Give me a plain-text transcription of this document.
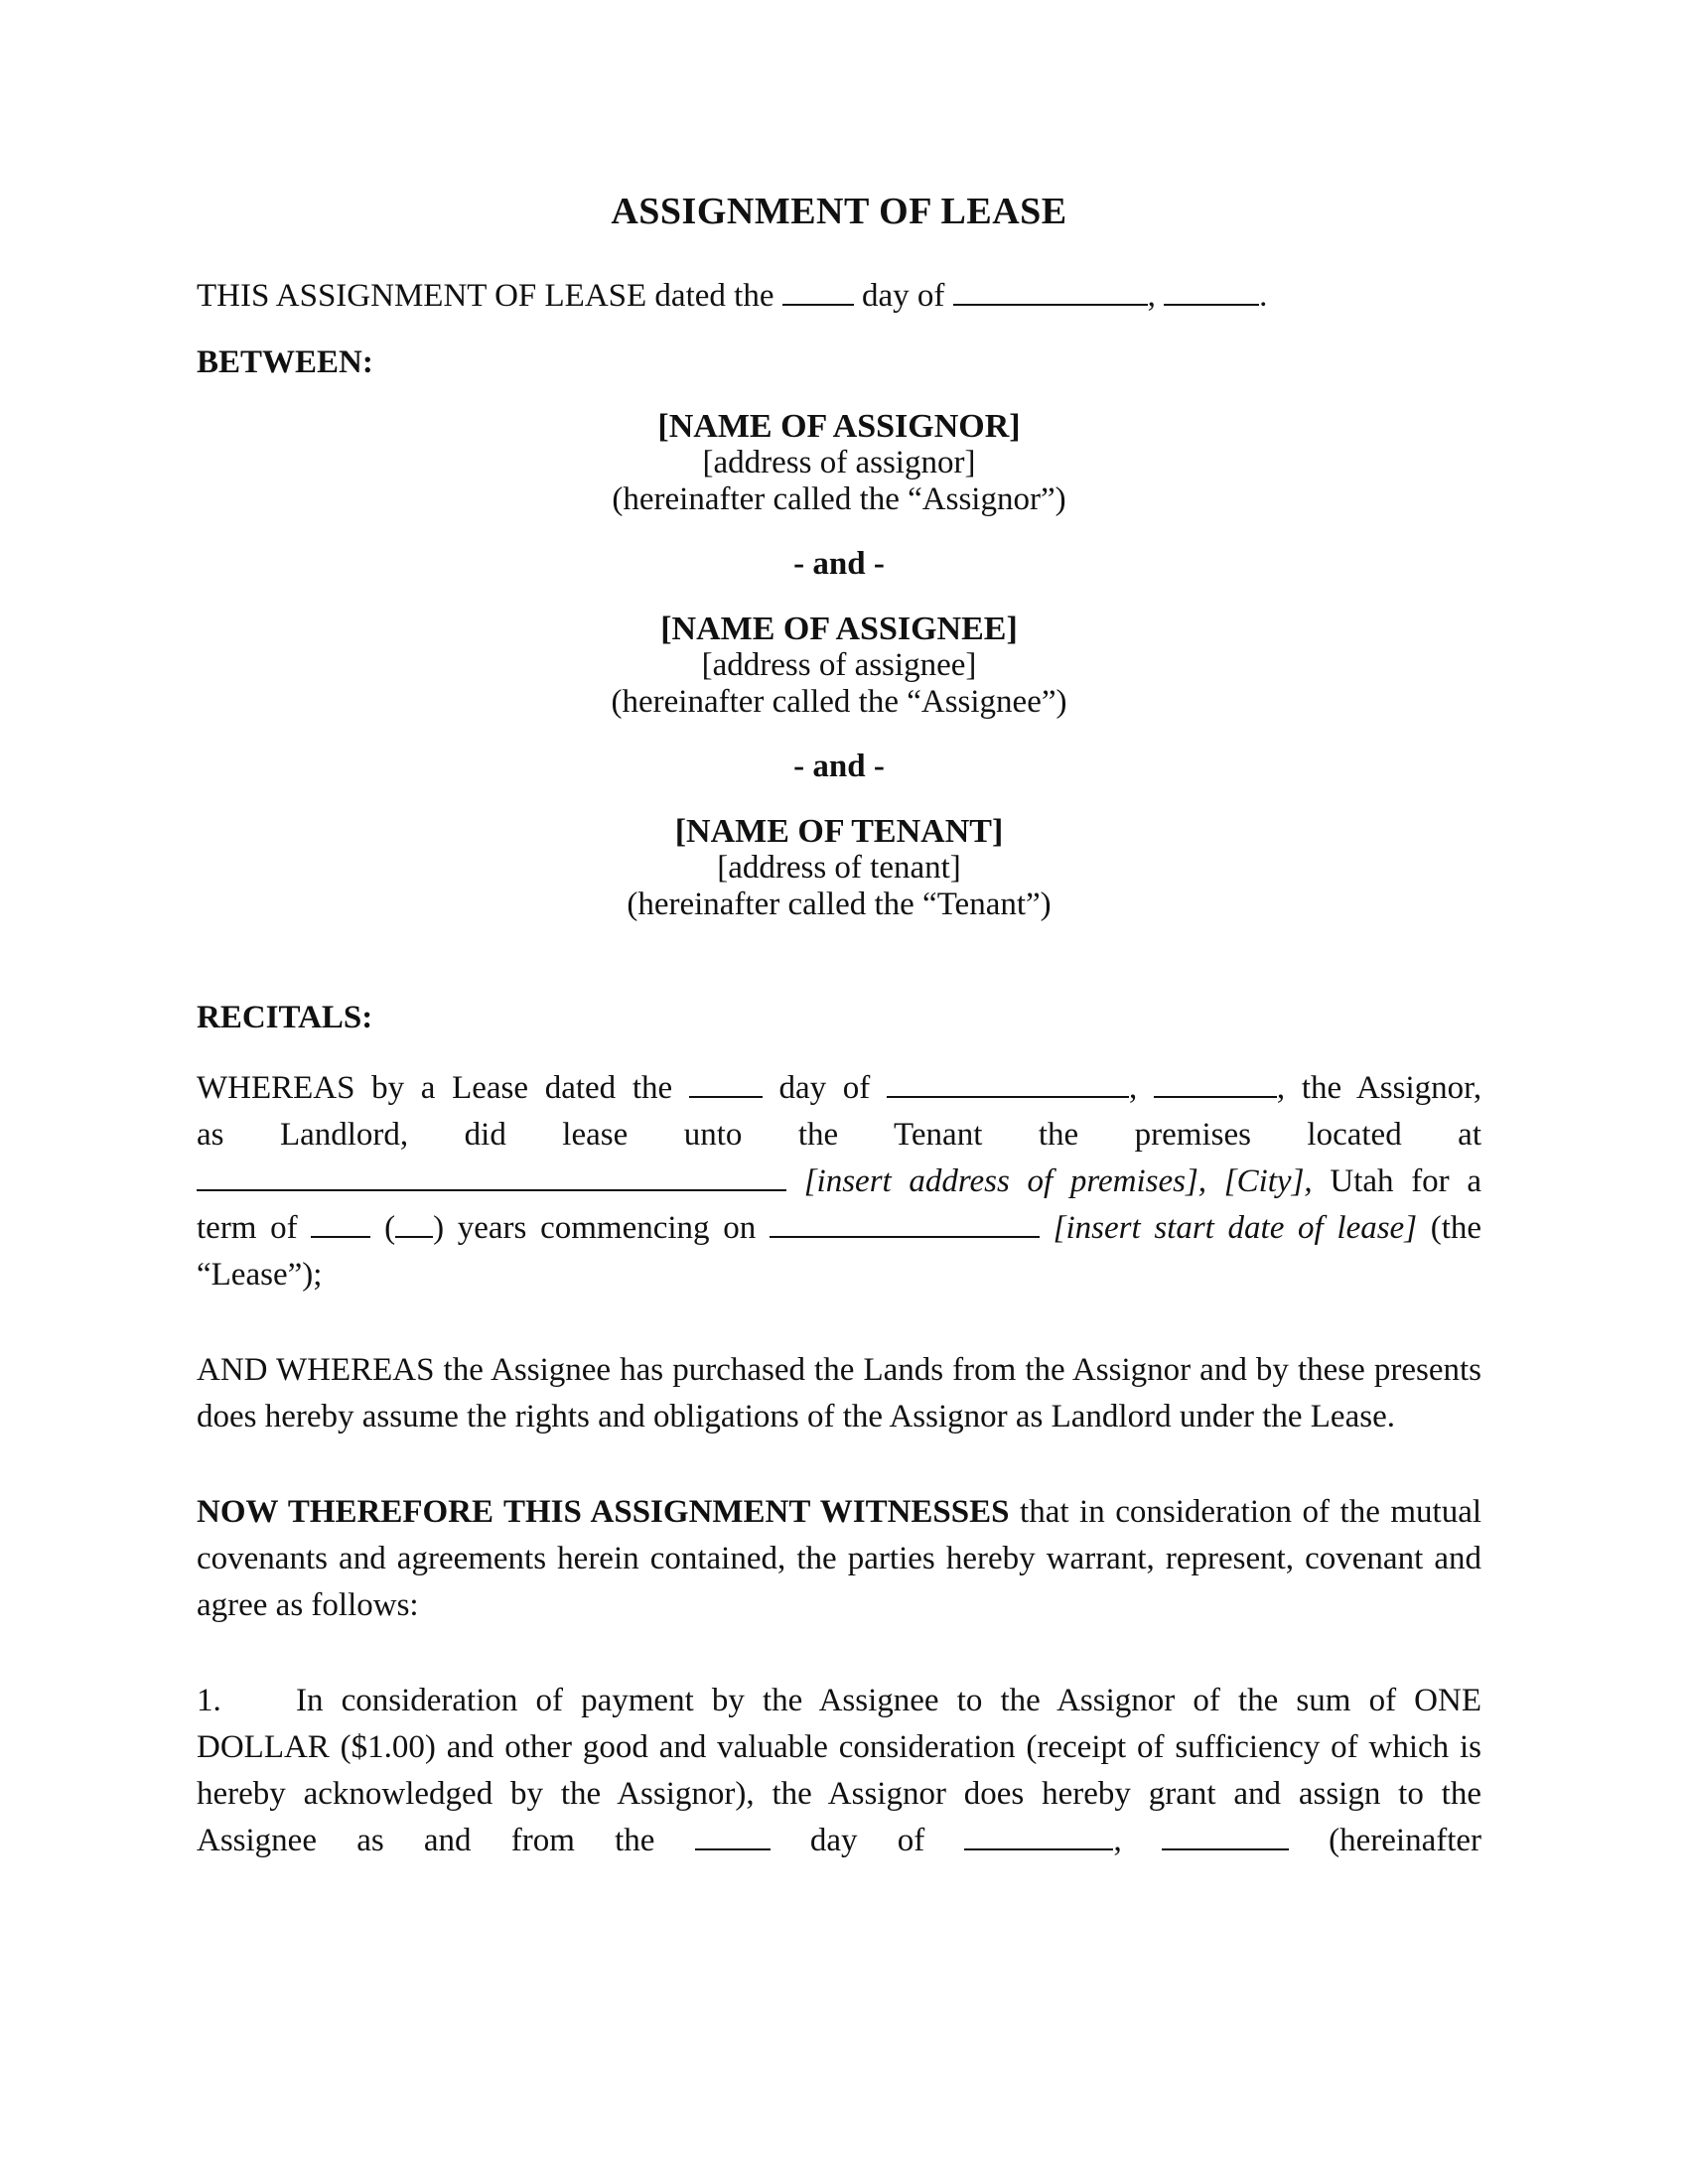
ASSIGNMENT OF LEASE
THIS ASSIGNMENT OF LEASE dated the	day of	,	.
BETWEEN:
[NAME OF ASSIGNOR]
[address of assignor]
(hereinafter called the “Assignor”)
- and -
[NAME OF ASSIGNEE]
[address of assignee]
(hereinafter called the “Assignee”)
- and -
[NAME OF TENANT]
[address of tenant]
(hereinafter called the “Tenant”)
RECITALS:
WHEREAS by a Lease dated the	day of	,	, the Assignor,
as Landlord, did lease unto the Tenant the premises located at
[insert address of premises], [City], Utah for a
term of	( ) years commencing on	[insert start date of lease] (the
“Lease”);
AND WHEREAS the Assignee has purchased the Lands from the Assignor and by these presents does hereby assume the rights and obligations of the Assignor as Landlord under the Lease.
NOW THEREFORE THIS ASSIGNMENT WITNESSES that in consideration of the mutual covenants and agreements herein contained, the parties hereby warrant, represent, covenant and agree as follows:
1. In consideration of payment by the Assignee to the Assignor of the sum of ONE DOLLAR ($1.00) and other good and valuable consideration (receipt of sufficiency of which is hereby acknowledged by the Assignor), the Assignor does hereby grant and assign to the Assignee as and from the	day of	,	(hereinafter
